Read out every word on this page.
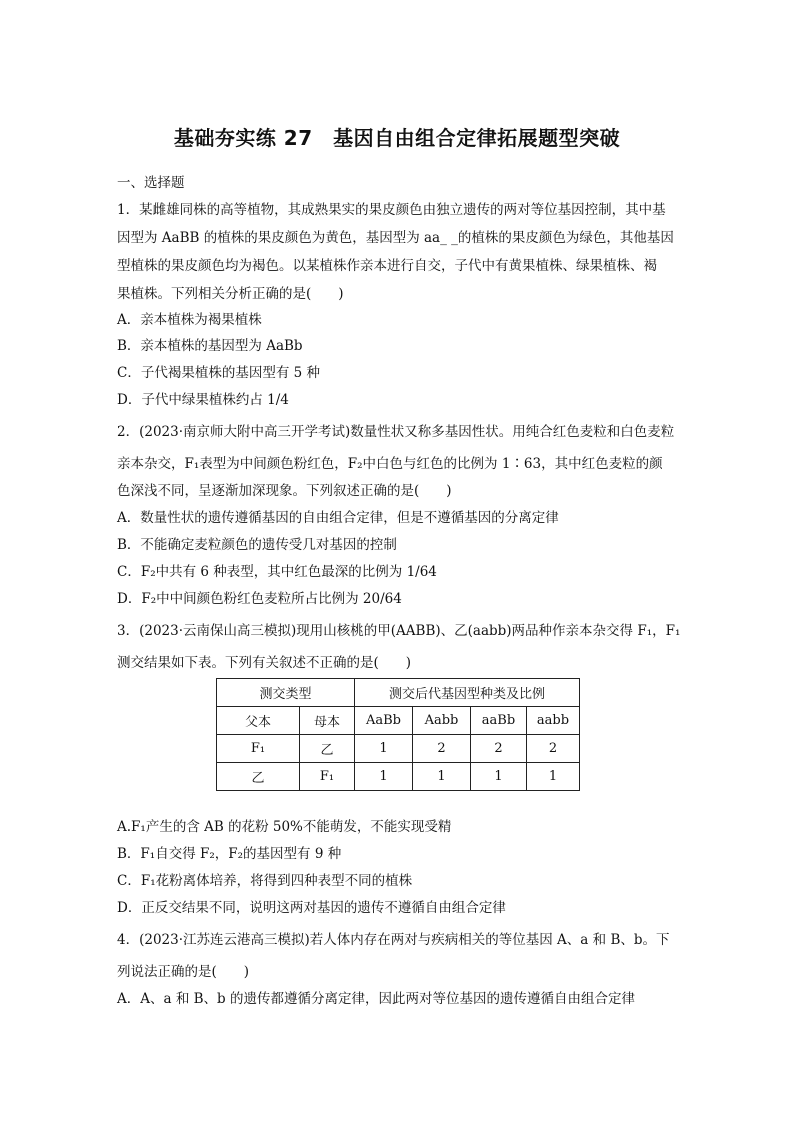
基础夯实练 27　基因自由组合定律拓展题型突破
一、选择题
1．某雌雄同株的高等植物，其成熟果实的果皮颜色由独立遗传的两对等位基因控制，其中基
因型为 AaBB 的植株的果皮颜色为黄色，基因型为 aa_ _的植株的果皮颜色为绿色，其他基因
型植株的果皮颜色均为褐色。以某植株作亲本进行自交，子代中有黄果植株、绿果植株、褐
果植株。下列相关分析正确的是(　　)
A．亲本植株为褐果植株
B．亲本植株的基因型为 AaBb
C．子代褐果植株的基因型有 5 种
D．子代中绿果植株约占 1/4
2．(2023·南京师大附中高三开学考试)数量性状又称多基因性状。用纯合红色麦粒和白色麦粒
亲本杂交，F₁表型为中间颜色粉红色，F₂中白色与红色的比例为 1∶63，其中红色麦粒的颜
色深浅不同，呈逐渐加深现象。下列叙述正确的是(　　)
A．数量性状的遗传遵循基因的自由组合定律，但是不遵循基因的分离定律
B．不能确定麦粒颜色的遗传受几对基因的控制
C．F₂中共有 6 种表型，其中红色最深的比例为 1/64
D．F₂中中间颜色粉红色麦粒所占比例为 20/64
3．(2023·云南保山高三模拟)现用山核桃的甲(AABB)、乙(aabb)两品种作亲本杂交得 F₁，F₁
测交结果如下表。下列有关叙述不正确的是(　　)
测交类型		测交后代基因型种类及比例			
父本	母本	AaBb	Aabb	aaBb	aabb
F₁	乙	1	2	2	2
乙	F₁	1	1	1	1
A.F₁产生的含 AB 的花粉 50%不能萌发，不能实现受精
B．F₁自交得 F₂，F₂的基因型有 9 种
C．F₁花粉离体培养，将得到四种表型不同的植株
D．正反交结果不同，说明这两对基因的遗传不遵循自由组合定律
4．(2023·江苏连云港高三模拟)若人体内存在两对与疾病相关的等位基因 A、a 和 B、b。下
列说法正确的是(　　)
A．A、a 和 B、b 的遗传都遵循分离定律，因此两对等位基因的遗传遵循自由组合定律
